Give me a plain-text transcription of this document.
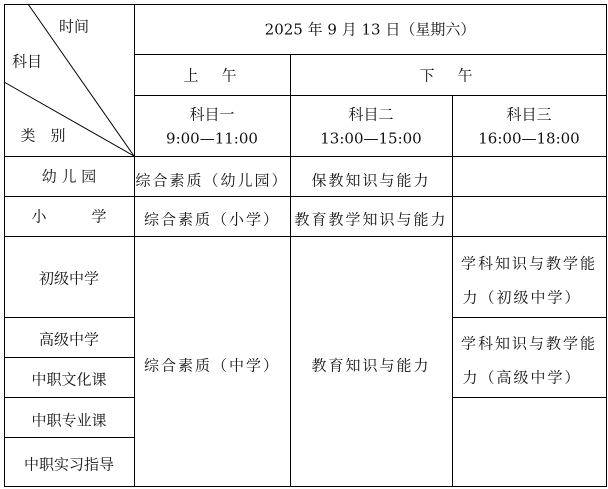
时间
科目
类　别
2025 年 9 月 13 日（星期六）
上　午	下　午
科目一
9:00—11:00
科目二
13:00—15:00
科目三
16:00—18:00
幼 儿 园
小　　　学
初级中学
高级中学
中职文化课
中职专业课
中职实习指导
综合素质（幼儿园） 保教知识与能力
综合素质（小学） 教育教学知识与能力
综合素质（中学） 教育知识与能力
学科知识与教学能
力（初级中学）
学科知识与教学能
力（高级中学）
